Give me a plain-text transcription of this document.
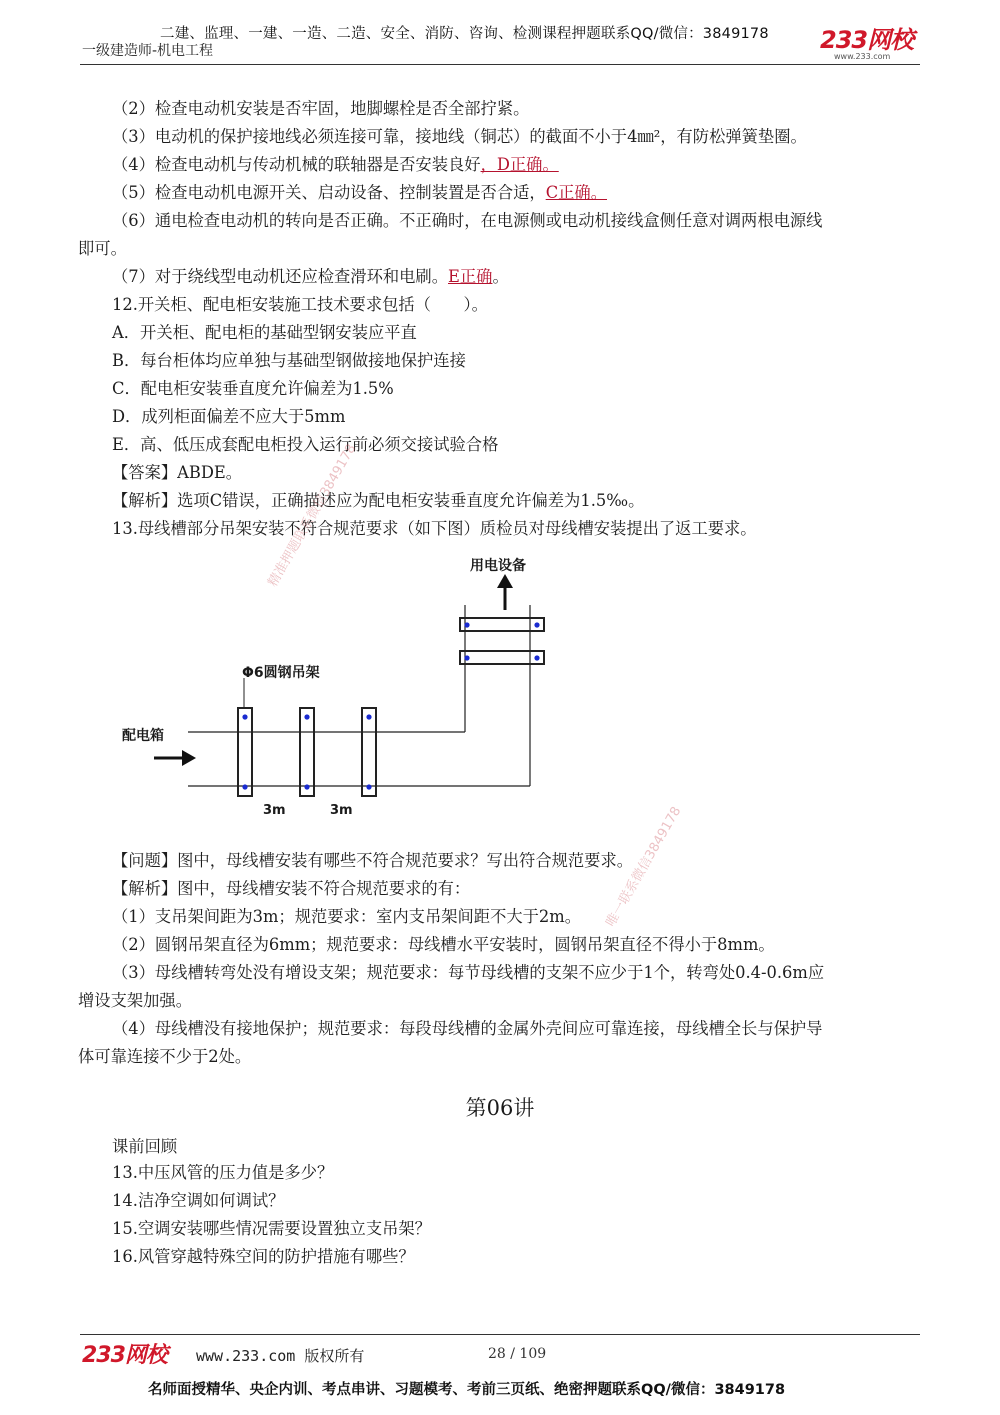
二建、监理、一建、一造、二造、安全、消防、咨询、检测课程押题联系QQ/微信：3849178
一级建造师-机电工程	233网校
www.233.com
（2）检查电动机安装是否牢固，地脚螺栓是否全部拧紧。
（3）电动机的保护接地线必须连接可靠，接地线（铜芯）的截面不小于4㎜²，有防松弹簧垫圈。
（4）检查电动机与传动机械的联轴器是否安装良好，D正确。
（5）检查电动机电源开关、启动设备、控制装置是否合适，C正确。
（6）通电检查电动机的转向是否正确。不正确时，在电源侧或电动机接线盒侧任意对调两根电源线
即可。
（7）对于绕线型电动机还应检查滑环和电刷。E正确。
12.开关柜、配电柜安装施工技术要求包括（　　）。
A．开关柜、配电柜的基础型钢安装应平直
B．每台柜体均应单独与基础型钢做接地保护连接
C．配电柜安装垂直度允许偏差为1.5%
D．成列柜面偏差不应大于5mm
E．高、低压成套配电柜投入运行前必须交接试验合格
【答案】ABDE。
【解析】选项C错误，正确描述应为配电柜安装垂直度允许偏差为1.5‰。
13.母线槽部分吊架安装不符合规范要求（如下图）质检员对母线槽安装提出了返工要求。
用电设备
Φ6圆钢吊架
配电箱
3m	3m
精准押题联系微信3849178
唯一联系微信3849178
【问题】图中，母线槽安装有哪些不符合规范要求？写出符合规范要求。
【解析】图中，母线槽安装不符合规范要求的有：
（1）支吊架间距为3m；规范要求：室内支吊架间距不大于2m。
（2）圆钢吊架直径为6mm；规范要求：母线槽水平安装时，圆钢吊架直径不得小于8mm。
（3）母线槽转弯处没有增设支架；规范要求：每节母线槽的支架不应少于1个，转弯处0.4-0.6m应
增设支架加强。
（4）母线槽没有接地保护；规范要求：每段母线槽的金属外壳间应可靠连接，母线槽全长与保护导
体可靠连接不少于2处。
第06讲
课前回顾
13.中压风管的压力值是多少？
14.洁净空调如何调试？
15.空调安装哪些情况需要设置独立支吊架？
16.风管穿越特殊空间的防护措施有哪些？
233网校 www.233.com 版权所有	28 / 109
名师面授精华、央企内训、考点串讲、习题模考、考前三页纸、绝密押题联系QQ/微信：3849178
